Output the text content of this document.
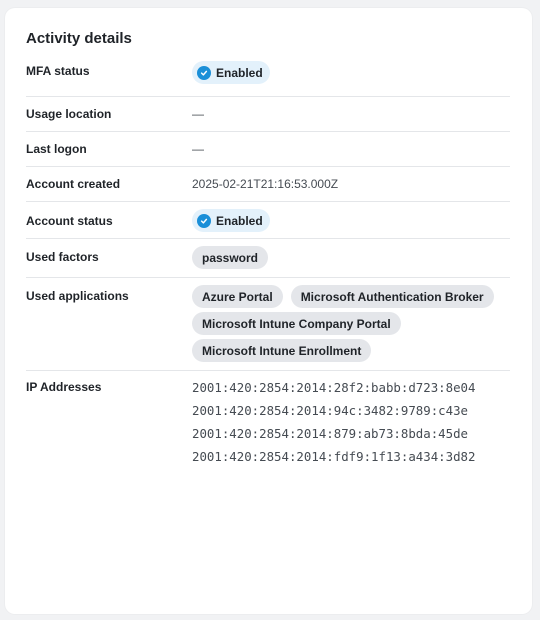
Activity details
MFA status	Enabled
Usage location	—
Last logon	—
Account created	2025-02-21T21:16:53.000Z
Account status	Enabled
Used factors	password
Used applications	Azure Portal	Microsoft Authentication Broker
Microsoft Intune Company Portal
Microsoft Intune Enrollment
IP Addresses	2001:420:2854:2014:28f2:babb:d723:8e04
2001:420:2854:2014:94c:3482:9789:c43e
2001:420:2854:2014:879:ab73:8bda:45de
2001:420:2854:2014:fdf9:1f13:a434:3d82
